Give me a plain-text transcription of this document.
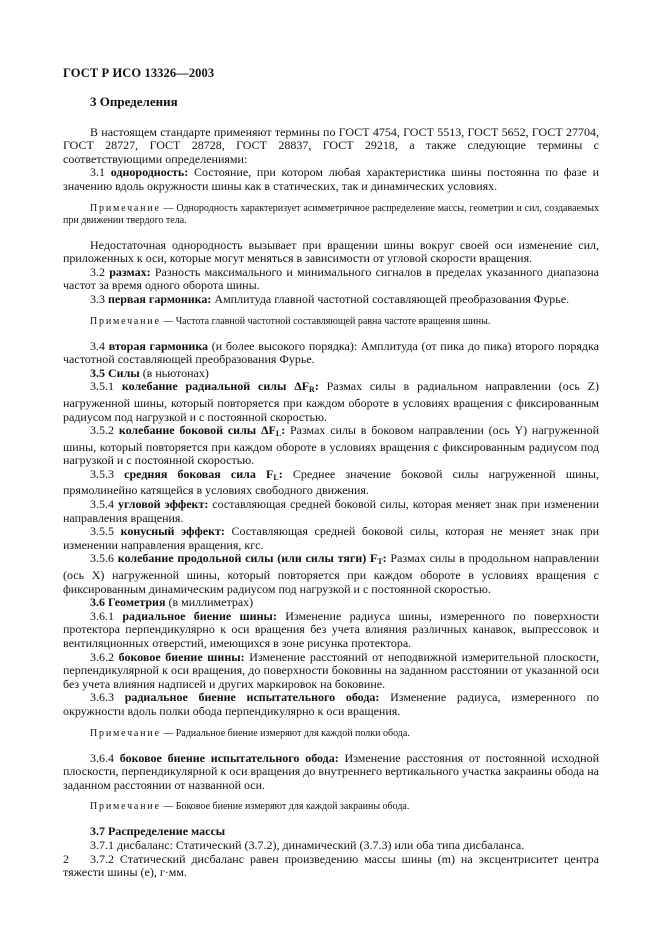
ГОСТ Р ИСО 13326—2003
3 Определения

В настоящем стандарте применяют термины по ГОСТ 4754, ГОСТ 5513, ГОСТ 5652, ГОСТ 27704, ГОСТ 28727, ГОСТ 28728, ГОСТ 28837, ГОСТ 29218, а также следующие термины с соответствующими определениями:

3.1 однородность: Состояние, при котором любая характеристика шины постоянна по фазе и значению вдоль окружности шины как в статических, так и динамических условиях.

Примечание — Однородность характеризует асимметричное распределение массы, геометрии и сил, создаваемых при движении твердого тела.

Недостаточная однородность вызывает при вращении шины вокруг своей оси изменение сил, приложенных к оси, которые могут меняться в зависимости от угловой скорости вращения.

3.2 размах: Разность максимального и минимального сигналов в пределах указанного диапазона частот за время одного оборота шины.

3.3 первая гармоника: Амплитуда главной частотной составляющей преобразования Фурье.

Примечание — Частота главной частотной составляющей равна частоте вращения шины.

3.4 вторая гармоника (и более высокого порядка): Амплитуда (от пика до пика) второго порядка частотной составляющей преобразования Фурье.

3.5 Силы (в ньютонах)

3.5.1 колебание радиальной силы $\Delta F_R$: Размах силы в радиальном направлении (ось Z) нагруженной шины, который повторяется при каждом обороте в условиях вращения с фиксированным радиусом под нагрузкой и с постоянной скоростью.

3.5.2 колебание боковой силы $\Delta F_L$: Размах силы в боковом направлении (ось Y) нагруженной шины, который повторяется при каждом обороте в условиях вращения с фиксированным радиусом под нагрузкой и с постоянной скоростью.

3.5.3 средняя боковая сила $F_L$: Среднее значение боковой силы нагруженной шины, прямолинейно катящейся в условиях свободного движения.

3.5.4 угловой эффект: составляющая средней боковой силы, которая меняет знак при изменении направления вращения.

3.5.5 конусный эффект: Составляющая средней боковой силы, которая не меняет знак при изменении направления вращения, кгс.

3.5.6 колебание продольной силы (или силы тяги) $F_T$: Размах силы в продольном направлении (ось X) нагруженной шины, который повторяется при каждом обороте в условиях вращения с фиксированным динамическим радиусом под нагрузкой и с постоянной скоростью.

3.6 Геометрия (в миллиметрах)

3.6.1 радиальное биение шины: Изменение радиуса шины, измеренного по поверхности протектора перпендикулярно к оси вращения без учета влияния различных канавок, выпрессовок и вентиляционных отверстий, имеющихся в зоне рисунка протектора.

3.6.2 боковое биение шины: Изменение расстояний от неподвижной измерительной плоскости, перпендикулярной к оси вращения, до поверхности боковины на заданном расстоянии от указанной оси без учета влияния надписей и других маркировок на боковине.

3.6.3 радиальное биение испытательного обода: Изменение радиуса, измеренного по окружности вдоль полки обода перпендикулярно к оси вращения.

Примечание — Радиальное биение измеряют для каждой полки обода.

3.6.4 боковое биение испытательного обода: Изменение расстояния от постоянной исходной плоскости, перпендикулярной к оси вращения до внутреннего вертикального участка закраины обода на заданном расстоянии от названной оси.

Примечание — Боковое биение измеряют для каждой закраины обода.

3.7 Распределение массы

3.7.1 дисбаланс: Статический (3.7.2), динамический (3.7.3) или оба типа дисбаланса.

3.7.2 Статический дисбаланс равен произведению массы шины (m) на эксцентриситет центра тяжести шины (e), г·мм.

2
